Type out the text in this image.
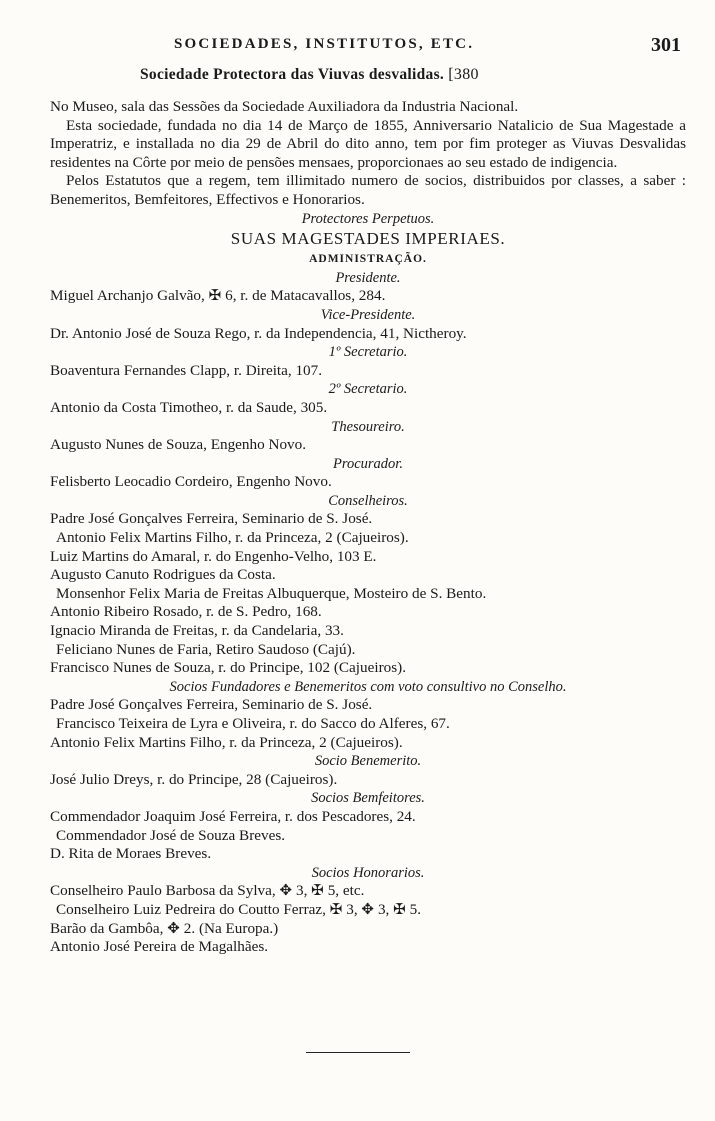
SOCIEDADES, INSTITUTOS, ETC.	301
Sociedade Protectora das Viuvas desvalidas. [380

No Museo, sala das Sessões da Sociedade Auxiliadora da Industria Nacional.

Esta sociedade, fundada no dia 14 de Março de 1855, Anniversario Natalicio de Sua Magestade a Imperatriz, e installada no dia 29 de Abril do dito anno, tem por fim proteger as Viuvas Desvalidas residentes na Côrte por meio de pensões mensaes, proporcionaes ao seu estado de indigencia.

Pelos Estatutos que a regem, tem illimitado numero de socios, distribuidos por classes, a saber : Benemeritos, Bemfeitores, Effectivos e Honorarios.

Protectores Perpetuos.
SUAS MAGESTADES IMPERIAES.
ADMINISTRAÇÃO.
Presidente.
Miguel Archanjo Galvão, ✠ 6, r. de Matacavallos, 284.
Vice-Presidente.
Dr. Antonio José de Souza Rego, r. da Independencia, 41, Nictheroy.
1º Secretario.
Boaventura Fernandes Clapp, r. Direita, 107.
2º Secretario.
Antonio da Costa Timotheo, r. da Saude, 305.
Thesoureiro.
Augusto Nunes de Souza, Engenho Novo.
Procurador.
Felisberto Leocadio Cordeiro, Engenho Novo.
Conselheiros.
Padre José Gonçalves Ferreira, Seminario de S. José.
Antonio Felix Martins Filho, r. da Princeza, 2 (Cajueiros).
Luiz Martins do Amaral, r. do Engenho-Velho, 103 E.
Augusto Canuto Rodrigues da Costa.
Monsenhor Felix Maria de Freitas Albuquerque, Mosteiro de S. Bento.
Antonio Ribeiro Rosado, r. de S. Pedro, 168.
Ignacio Miranda de Freitas, r. da Candelaria, 33.
Feliciano Nunes de Faria, Retiro Saudoso (Cajú).
Francisco Nunes de Souza, r. do Principe, 102 (Cajueiros).
Socios Fundadores e Benemeritos com voto consultivo no Conselho.
Padre José Gonçalves Ferreira, Seminario de S. José.
Francisco Teixeira de Lyra e Oliveira, r. do Sacco do Alferes, 67.
Antonio Felix Martins Filho, r. da Princeza, 2 (Cajueiros).
Socio Benemerito.
José Julio Dreys, r. do Principe, 28 (Cajueiros).
Socios Bemfeitores.
Commendador Joaquim José Ferreira, r. dos Pescadores, 24.
Commendador José de Souza Breves.
D. Rita de Moraes Breves.
Socios Honorarios.
Conselheiro Paulo Barbosa da Sylva, ✥ 3, ✠ 5, etc.
Conselheiro Luiz Pedreira do Coutto Ferraz, ✠ 3, ✥ 3, ✠ 5.
Barão da Gambôa, ✥ 2. (Na Europa.)
Antonio José Pereira de Magalhães.
